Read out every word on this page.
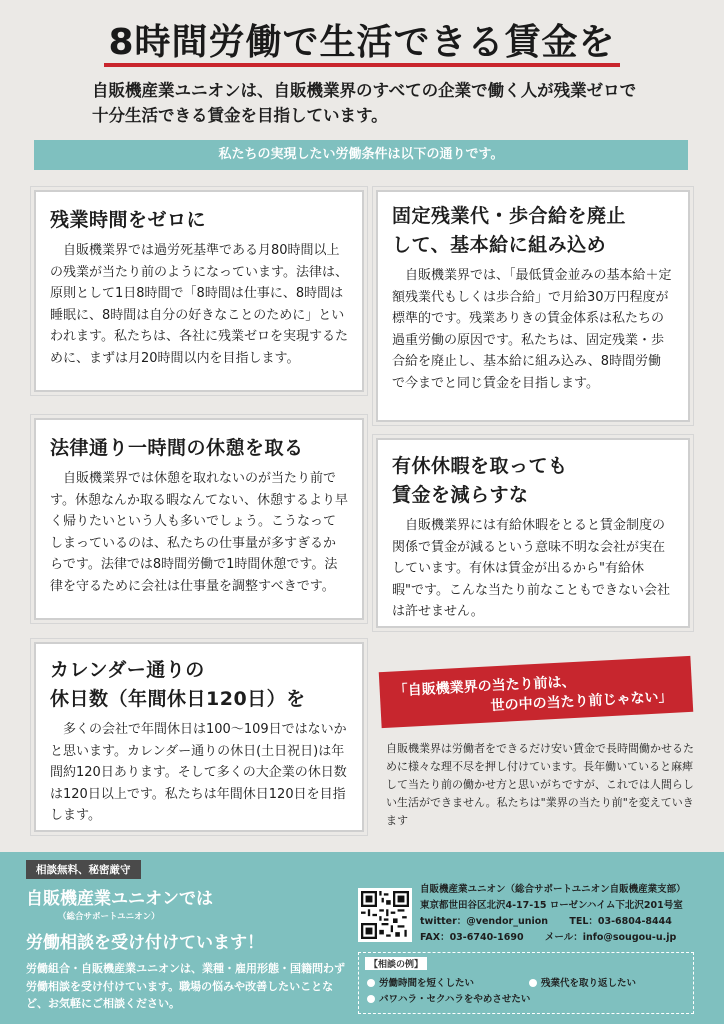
8時間労働で生活できる賃金を
自販機産業ユニオンは、自販機業界のすべての企業で働く人が残業ゼロで十分生活できる賃金を目指しています。
私たちの実現したい労働条件は以下の通りです。
残業時間をゼロに

自販機業界では過労死基準である月80時間以上の残業が当たり前のようになっています。法律は、原則として1日8時間で「8時間は仕事に、8時間は睡眠に、8時間は自分の好きなことのために」といわれます。私たちは、各社に残業ゼロを実現するために、まずは月20時間以内を目指します。

法律通り一時間の休憩を取る

自販機業界では休憩を取れないのが当たり前です。休憩なんか取る暇なんてない、休憩するより早く帰りたいという人も多いでしょう。こうなってしまっているのは、私たちの仕事量が多すぎるからです。法律では8時間労働で1時間休憩です。法律を守るために会社は仕事量を調整すべきです。

カレンダー通りの
休日数（年間休日120日）を

多くの会社で年間休日は100〜109日ではないかと思います。カレンダー通りの休日(土日祝日)は年間約120日あります。そして多くの大企業の休日数は120日以上です。私たちは年間休日120日を目指します。

固定残業代・歩合給を廃止
して、基本給に組み込め

自販機業界では、「最低賃金並みの基本給＋定額残業代もしくは歩合給」で月給30万円程度が標準的です。残業ありきの賃金体系は私たちの過重労働の原因です。私たちは、固定残業・歩合給を廃止し、基本給に組み込み、8時間労働で今までと同じ賃金を目指します。

有休休暇を取っても
賃金を減らすな

自販機業界には有給休暇をとると賃金制度の関係で賃金が減るという意味不明な会社が実在しています。有休は賃金が出るから"有給休暇"です。こんな当たり前なこともできない会社は許せません。

「自販機業界の当たり前は、
世の中の当たり前じゃない」
自販機業界は労働者をできるだけ安い賃金で長時間働かせるために様々な理不尽を押し付けています。長年働いていると麻痺して当たり前の働かせ方と思いがちですが、これでは人間らしい生活ができません。私たちは"業界の当たり前"を変えていきます
相談無料、秘密厳守
自販機産業ユニオンでは
（総合サポートユニオン）
労働相談を受け付けています！
労働組合・自販機産業ユニオンは、業種・雇用形態・国籍問わず労働相談を受け付けています。職場の悩みや改善したいことなど、お気軽にご相談ください。
自販機産業ユニオン（総合サポートユニオン自販機産業支部）
東京都世田谷区北沢4-17-15 ローゼンハイム下北沢201号室
twitter：@vendor_union TEL：03-6804-8444
FAX：03-6740-1690 メール：info@sougou-u.jp
【相談の例】
労働時間を短くしたい	残業代を取り返したい
パワハラ・セクハラをやめさせたい
